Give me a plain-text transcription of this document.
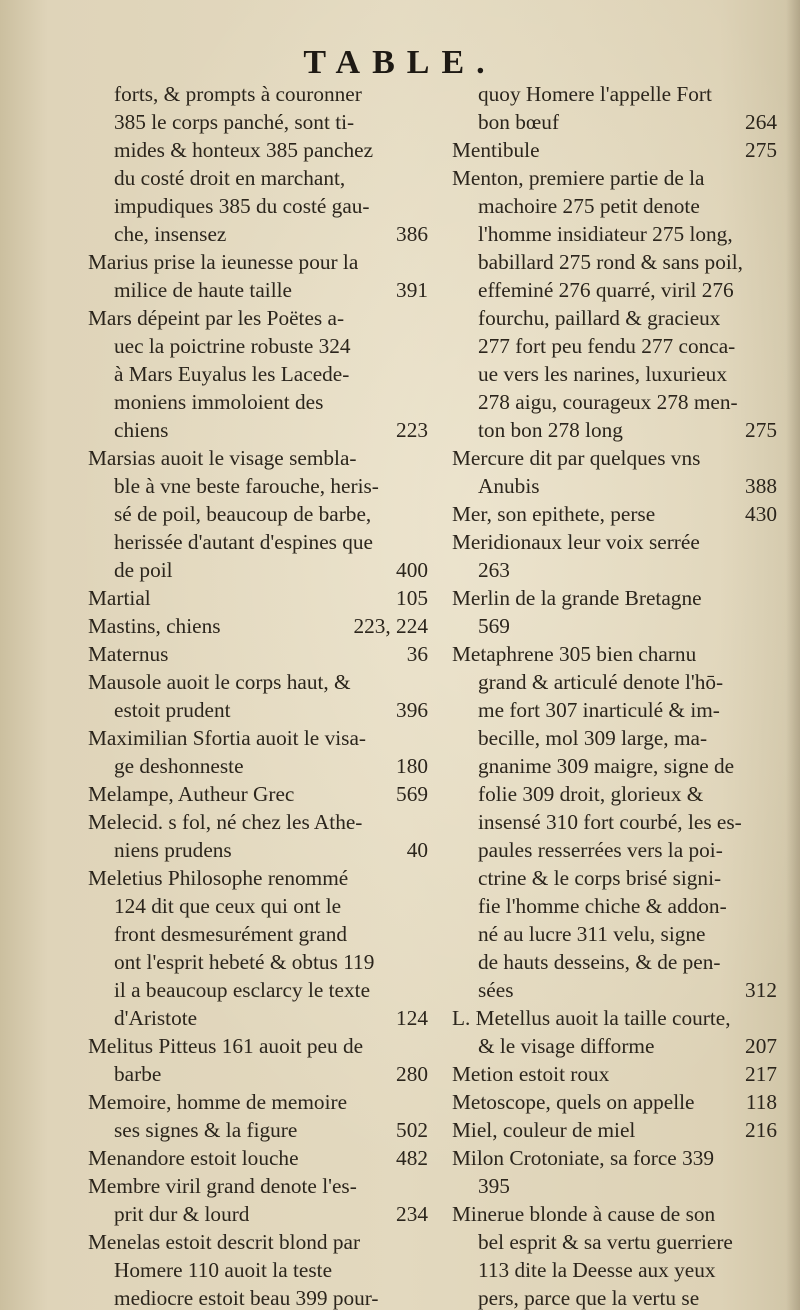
TABLE.
forts, & prompts à couronner
385 le corps panché, sont ti-
mides & honteux 385 panchez
du costé droit en marchant,
impudiques 385 du costé gau-
che, insensez	386
Marius prise la ieunesse pour la
milice de haute taille	391
Mars dépeint par les Poëtes a-
uec la poictrine robuste 324
à Mars Euyalus les Lacede-
moniens immoloient des
chiens	223
Marsias auoit le visage sembla-
ble à vne beste farouche, heris-
sé de poil, beaucoup de barbe,
herissée d'autant d'espines que
de poil	400
Martial	105
Mastins, chiens	223, 224
Maternus	36
Mausole auoit le corps haut, &
estoit prudent	396
Maximilian Sfortia auoit le visa-
ge deshonneste	180
Melampe, Autheur Grec	569
Melecid. s fol, né chez les Athe-
niens prudens	40
Meletius Philosophe renommé
124 dit que ceux qui ont le
front desmesurément grand
ont l'esprit hebeté & obtus 119
il a beaucoup esclarcy le texte
d'Aristote	124
Melitus Pitteus 161 auoit peu de
barbe	280
Memoire, homme de memoire
ses signes & la figure	502
Menandore estoit louche	482
Membre viril grand denote l'es-
prit dur & lourd	234
Menelas estoit descrit blond par
Homere 110 auoit la teste
mediocre estoit beau 399 pour-
quoy Homere l'appelle Fort
bon bœuf	264
Mentibule	275
Menton, premiere partie de la
machoire 275 petit denote
l'homme insidiateur 275 long,
babillard 275 rond & sans poil,
effeminé 276 quarré, viril 276
fourchu, paillard & gracieux
277 fort peu fendu 277 conca-
ue vers les narines, luxurieux
278 aigu, courageux 278 men-
ton bon 278 long	275
Mercure dit par quelques vns
Anubis	388
Mer, son epithete, perse	430
Meridionaux leur voix serrée
263
Merlin de la grande Bretagne
569
Metaphrene 305 bien charnu
grand & articulé denote l'hō-
me fort 307 inarticulé & im-
becille, mol 309 large, ma-
gnanime 309 maigre, signe de
folie 309 droit, glorieux &
insensé 310 fort courbé, les es-
paules resserrées vers la poi-
ctrine & le corps brisé signi-
fie l'homme chiche & addon-
né au lucre 311 velu, signe
de hauts desseins, & de pen-
sées	312
L. Metellus auoit la taille courte,
& le visage difforme	207
Metion estoit roux	217
Metoscope, quels on appelle 118
Miel, couleur de miel	216
Milon Crotoniate, sa force 339
395
Minerue blonde à cause de son
bel esprit & sa vertu guerriere
113 dite la Deesse aux yeux
pers, parce que la vertu se
